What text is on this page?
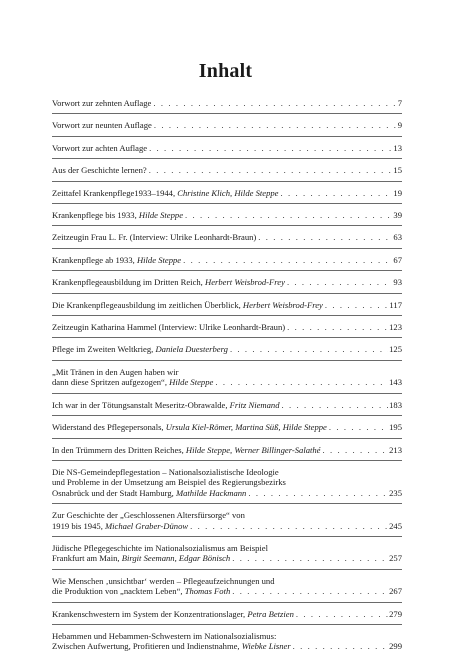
Inhalt
Vorwort zur zehnten Auflage . . .	7
Vorwort zur neunten Auflage . . .	9
Vorwort zur achten Auflage . . .	13
Aus der Geschichte lernen? . . .	15
Zeittafel Krankenpflege1933–1944, Christine Klich, Hilde Steppe . . .	19
Krankenpflege bis 1933, Hilde Steppe . . .	39
Zeitzeugin Frau L. Fr. (Interview: Ulrike Leonhardt-Braun) . . .	63
Krankenpflege ab 1933, Hilde Steppe . . .	67
Krankenpflegeausbildung im Dritten Reich, Herbert Weisbrod-Frey . . .	93
Die Krankenpflegeausbildung im zeitlichen Überblick, Herbert Weisbrod-Frey . . .	117
Zeitzeugin Katharina Hammel (Interview: Ulrike Leonhardt-Braun) . . .	123
Pflege im Zweiten Weltkrieg, Daniela Duesterberg . . .	125
„Mit Tränen in den Augen haben wir
dann diese Spritzen aufgezogen“, Hilde Steppe . . .	143
Ich war in der Tötungsanstalt Meseritz-Obrawalde, Fritz Niemand . . .	183
Widerstand des Pflegepersonals, Ursula Kiel-Römer, Martina Süß, Hilde Steppe . . .	195
In den Trümmern des Dritten Reiches, Hilde Steppe, Werner Billinger-Salathé . . .	213
Die NS-Gemeindepflegestation – Nationalsozialistische Ideologie
und Probleme in der Umsetzung am Beispiel des Regierungsbezirks
Osnabrück und der Stadt Hamburg, Mathilde Hackmann . . .	235
Zur Geschichte der „Geschlossenen Altersfürsorge“ von
1919 bis 1945, Michael Graber-Dünow . . .	245
Jüdische Pflegegeschichte im Nationalsozialismus am Beispiel
Frankfurt am Main, Birgit Seemann, Edgar Bönisch . . .	257
Wie Menschen ‚unsichtbar‘ werden – Pflegeaufzeichnungen und
die Produktion von „nacktem Leben“, Thomas Foth . . .	267
Krankenschwestern im System der Konzentrationslager, Petra Betzien . . .	279
Hebammen und Hebammen-Schwestern im Nationalsozialismus:
Zwischen Aufwertung, Profitieren und Indienstnahme, Wiebke Lisner . . .	299
